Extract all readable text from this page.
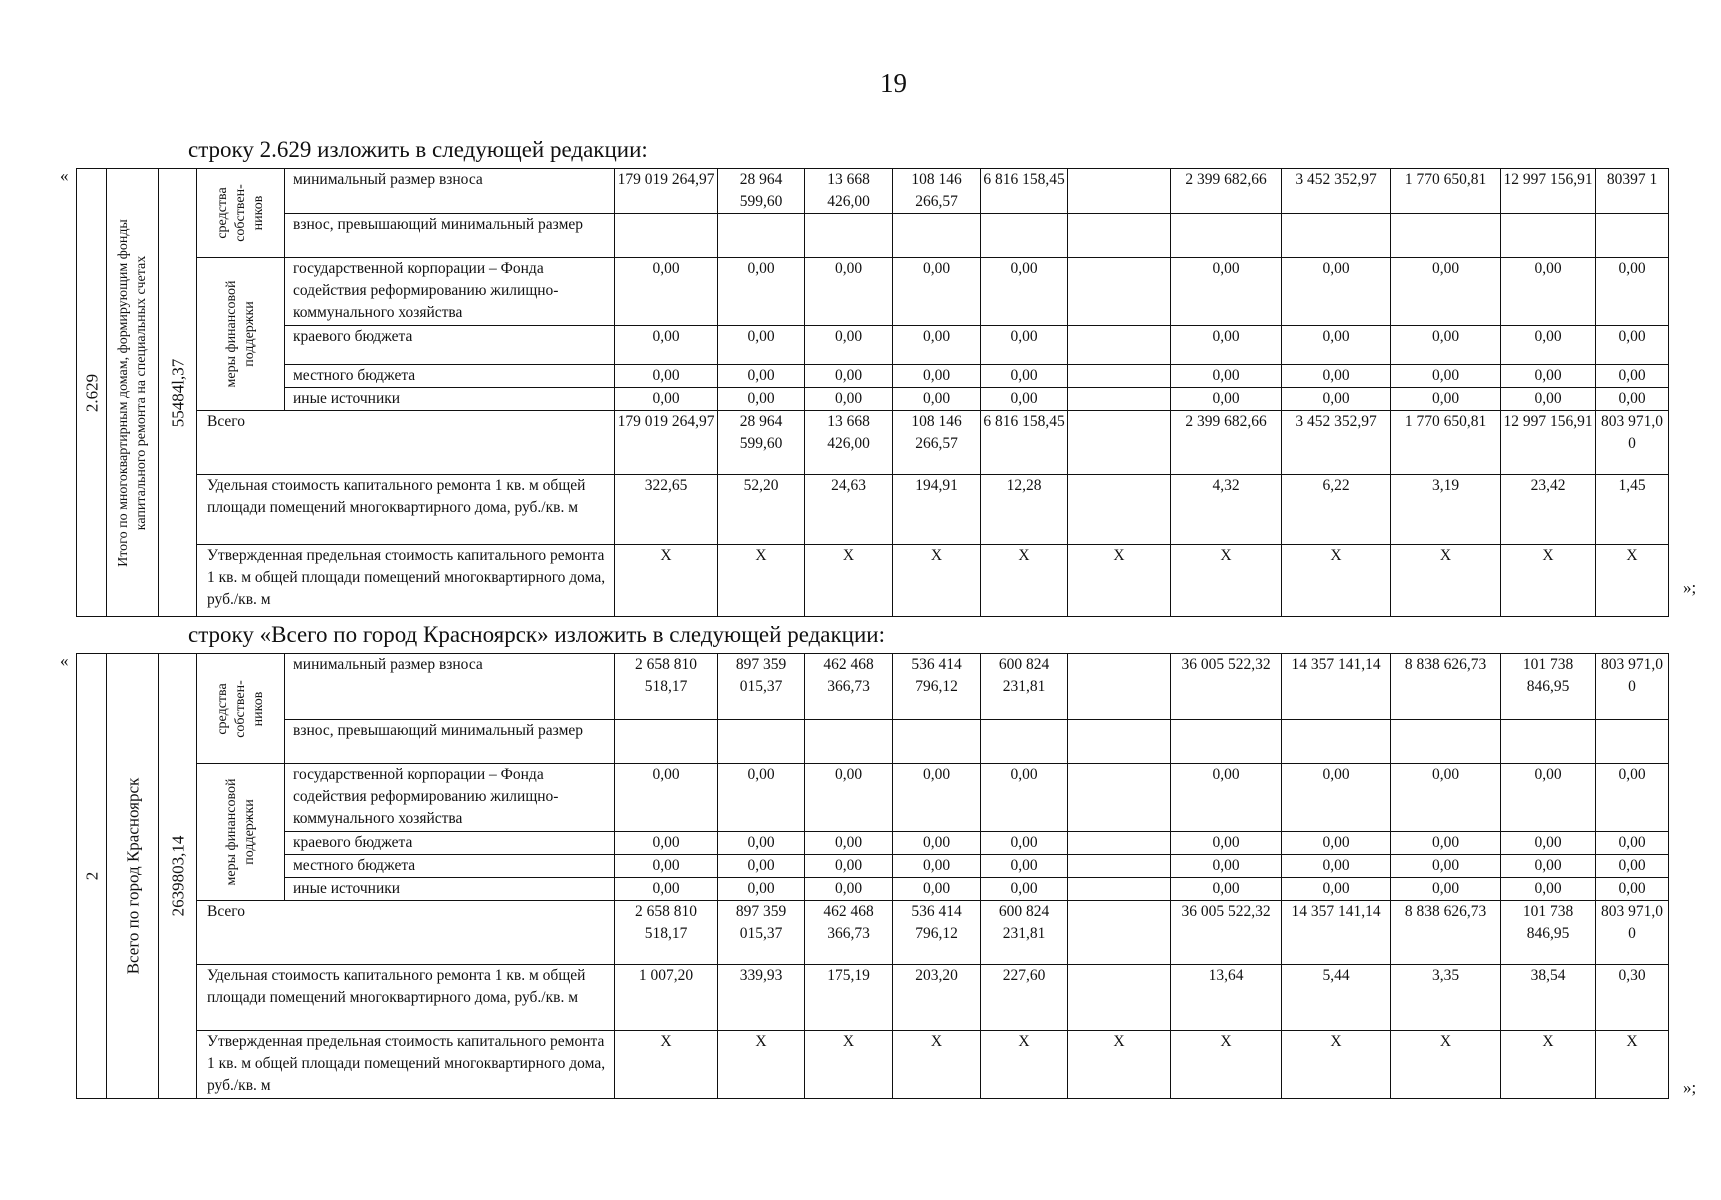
19
строку 2.629 изложить в следующей редакции:
«
»;
2.629	Итого по многоквартирным домам, формирующим фонды капитального ремонта на специальных счетах	55484l,37	средства собствен-ников	минимальный размер взноса	179 019 264,97	28 964 599,60	13 668 426,00	108 146 266,57	6 816 158,45		2 399 682,66	3 452 352,97	1 770 650,81	12 997 156,91	80397 1
				взнос, превышающий минимальный размер											

			меры финансовой поддержки	государственной корпорации – Фонда содействия реформированию жилищно-коммунального хозяйства	0,00	0,00	0,00	0,00	0,00		0,00	0,00	0,00	0,00	0,00
				краевого бюджета	0,00	0,00	0,00	0,00	0,00		0,00	0,00	0,00	0,00	0,00
				местного бюджета	0,00	0,00	0,00	0,00	0,00		0,00	0,00	0,00	0,00	0,00
				иные источники	0,00	0,00	0,00	0,00	0,00		0,00	0,00	0,00	0,00	0,00
			Всего		179 019 264,97	28 964 599,60	13 668 426,00	108 146 266,57	6 816 158,45		2 399 682,66	3 452 352,97	1 770 650,81	12 997 156,91	803 971,0 0
			Удельная стоимость капитального ремонта 1 кв. м общей площади помещений многоквартирного дома, руб./кв. м		322,65	52,20	24,63	194,91	12,28		4,32	6,22	3,19	23,42	1,45
			Утвержденная предельная стоимость капитального ремонта 1 кв. м общей площади помещений многоквартирного дома, руб./кв. м		X	X	X	X	X	X	X	X	X	X	X
строку «Всего по город Красноярск» изложить в следующей редакции:
«
»;
2	Всего по город Красноярск	2639803,14	средства собствен-ников	минимальный размер взноса	2 658 810 518,17	897 359 015,37	462 468 366,73	536 414 796,12	600 824 231,81		36 005 522,32	14 357 141,14	8 838 626,73	101 738 846,95	803 971,0 0
				взнос, превышающий минимальный размер											

			меры финансовой поддержки	государственной корпорации – Фонда содействия реформированию жилищно-коммунального хозяйства	0,00	0,00	0,00	0,00	0,00		0,00	0,00	0,00	0,00	0,00
				краевого бюджета	0,00	0,00	0,00	0,00	0,00		0,00	0,00	0,00	0,00	0,00
				местного бюджета	0,00	0,00	0,00	0,00	0,00		0,00	0,00	0,00	0,00	0,00
				иные источники	0,00	0,00	0,00	0,00	0,00		0,00	0,00	0,00	0,00	0,00
			Всего		2 658 810 518,17	897 359 015,37	462 468 366,73	536 414 796,12	600 824 231,81		36 005 522,32	14 357 141,14	8 838 626,73	101 738 846,95	803 971,0 0
			Удельная стоимость капитального ремонта 1 кв. м общей площади помещений многоквартирного дома, руб./кв. м		1 007,20	339,93	175,19	203,20	227,60		13,64	5,44	3,35	38,54	0,30
			Утвержденная предельная стоимость капитального ремонта 1 кв. м общей площади помещений многоквартирного дома, руб./кв. м		X	X	X	X	X	X	X	X	X	X	X
